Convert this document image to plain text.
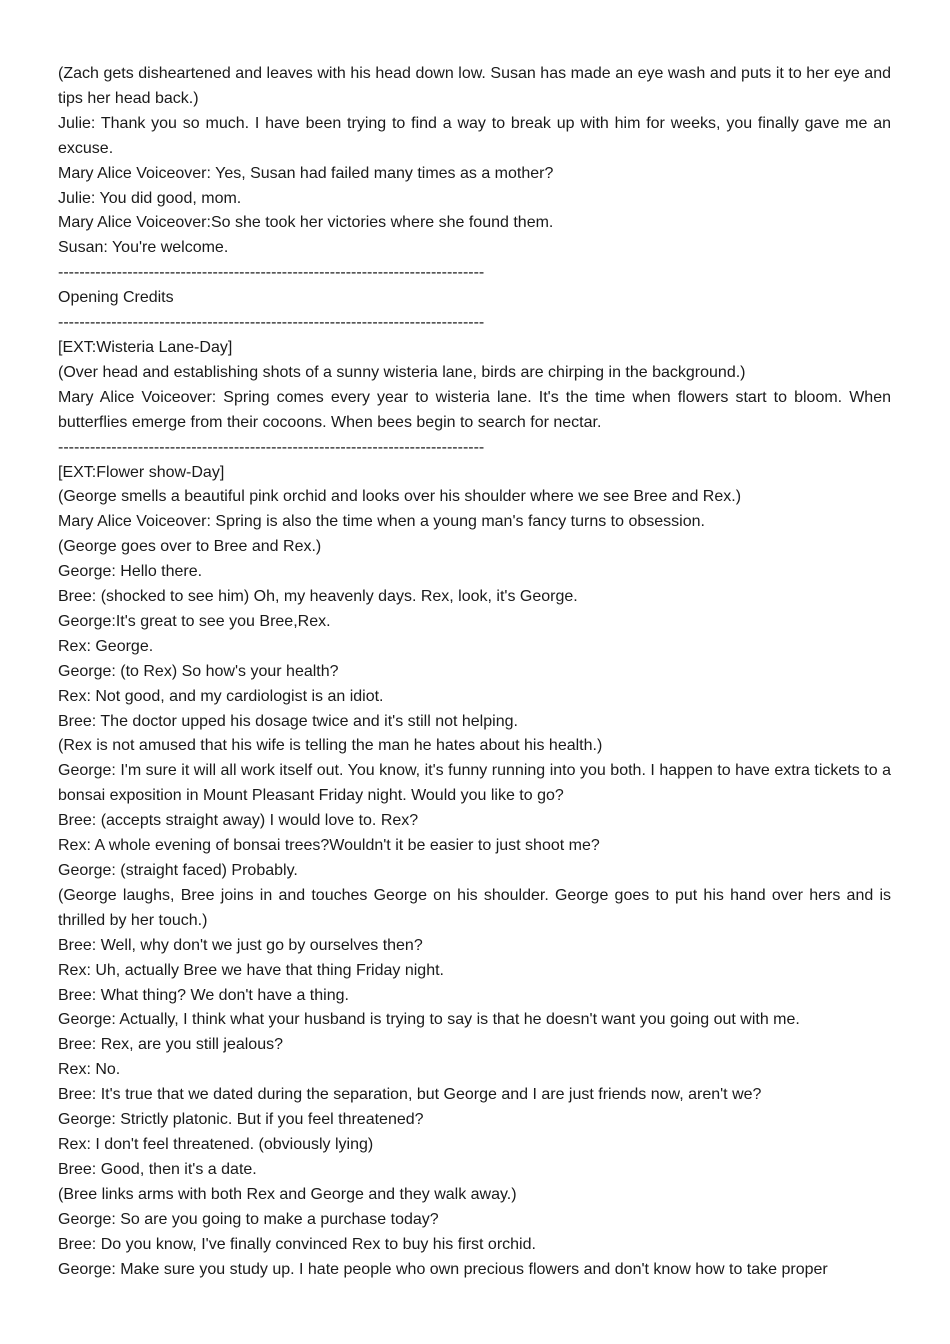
(Zach gets disheartened and leaves with his head down low. Susan has made an eye wash and puts it to her eye and tips her head back.)

Julie: Thank you so much. I have been trying to find a way to break up with him for weeks, you finally gave me an excuse.

Mary Alice Voiceover: Yes, Susan had failed many times as a mother?

Julie: You did good, mom.

Mary Alice Voiceover:So she took her victories where she found them.

Susan: You're welcome.

--------------------------------------------------------------------------------

Opening Credits

--------------------------------------------------------------------------------

[EXT:Wisteria Lane-Day]

(Over head and establishing shots of a sunny wisteria lane, birds are chirping in the background.)

Mary Alice Voiceover: Spring comes every year to wisteria lane. It's the time when flowers start to bloom. When butterflies emerge from their cocoons. When bees begin to search for nectar.

--------------------------------------------------------------------------------

[EXT:Flower show-Day]

(George smells a beautiful pink orchid and looks over his shoulder where we see Bree and Rex.)

Mary Alice Voiceover: Spring is also the time when a young man's fancy turns to obsession.

(George goes over to Bree and Rex.)

George: Hello there.

Bree: (shocked to see him) Oh, my heavenly days. Rex, look, it's George.

George:It's great to see you Bree,Rex.

Rex: George.

George: (to Rex) So how's your health?

Rex: Not good, and my cardiologist is an idiot.

Bree: The doctor upped his dosage twice and it's still not helping.

(Rex is not amused that his wife is telling the man he hates about his health.)

George: I'm sure it will all work itself out. You know, it's funny running into you both. I happen to have extra tickets to a bonsai exposition in Mount Pleasant Friday night. Would you like to go?

Bree: (accepts straight away) I would love to. Rex?

Rex: A whole evening of bonsai trees?Wouldn't it be easier to just shoot me?

George: (straight faced) Probably.

(George laughs, Bree joins in and touches George on his shoulder. George goes to put his hand over hers and is thrilled by her touch.)

Bree: Well, why don't we just go by ourselves then?

Rex: Uh, actually Bree we have that thing Friday night.

Bree: What thing? We don't have a thing.

George: Actually, I think what your husband is trying to say is that he doesn't want you going out with me.

Bree: Rex, are you still jealous?

Rex: No.

Bree: It's true that we dated during the separation, but George and I are just friends now, aren't we?

George: Strictly platonic. But if you feel threatened?

Rex: I don't feel threatened. (obviously lying)

Bree: Good, then it's a date.

(Bree links arms with both Rex and George and they walk away.)

George: So are you going to make a purchase today?

Bree: Do you know, I've finally convinced Rex to buy his first orchid.

George: Make sure you study up. I hate people who own precious flowers and don't know how to take proper
